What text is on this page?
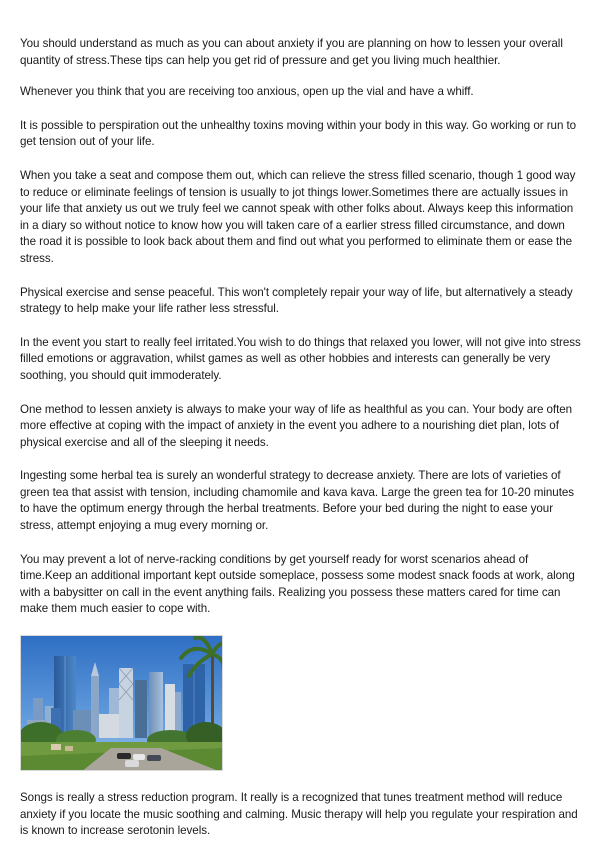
You should understand as much as you can about anxiety if you are planning on how to lessen your overall quantity of stress.These tips can help you get rid of pressure and get you living much healthier.

Whenever you think that you are receiving too anxious, open up the vial and have a whiff.

It is possible to perspiration out the unhealthy toxins moving within your body in this way. Go working or run to get tension out of your life.

When you take a seat and compose them out, which can relieve the stress filled scenario, though 1 good way to reduce or eliminate feelings of tension is usually to jot things lower.Sometimes there are actually issues in your life that anxiety us out we truly feel we cannot speak with other folks about. Always keep this information in a diary so without notice to know how you will taken care of a earlier stress filled circumstance, and down the road it is possible to look back about them and find out what you performed to eliminate them or ease the stress.

Physical exercise and sense peaceful. This won't completely repair your way of life, but alternatively a steady strategy to help make your life rather less stressful.

In the event you start to really feel irritated.You wish to do things that relaxed you lower, will not give into stress filled emotions or aggravation, whilst games as well as other hobbies and interests can generally be very soothing, you should quit immoderately.

One method to lessen anxiety is always to make your way of life as healthful as you can. Your body are often more effective at coping with the impact of anxiety in the event you adhere to a nourishing diet plan, lots of physical exercise and all of the sleeping it needs.

Ingesting some herbal tea is surely an wonderful strategy to decrease anxiety. There are lots of varieties of green tea that assist with tension, including chamomile and kava kava. Large the green tea for 10-20 minutes to have the optimum energy through the herbal treatments. Before your bed during the night to ease your stress, attempt enjoying a mug every morning or.

You may prevent a lot of nerve-racking conditions by get yourself ready for worst scenarios ahead of time.Keep an additional important kept outside someplace, possess some modest snack foods at work, along with a babysitter on call in the event anything fails. Realizing you possess these matters cared for time can make them much easier to cope with.

Songs is really a stress reduction program. It really is a recognized that tunes treatment method will reduce anxiety if you locate the music soothing and calming. Music therapy will help you regulate your respiration and is known to increase serotonin levels.
